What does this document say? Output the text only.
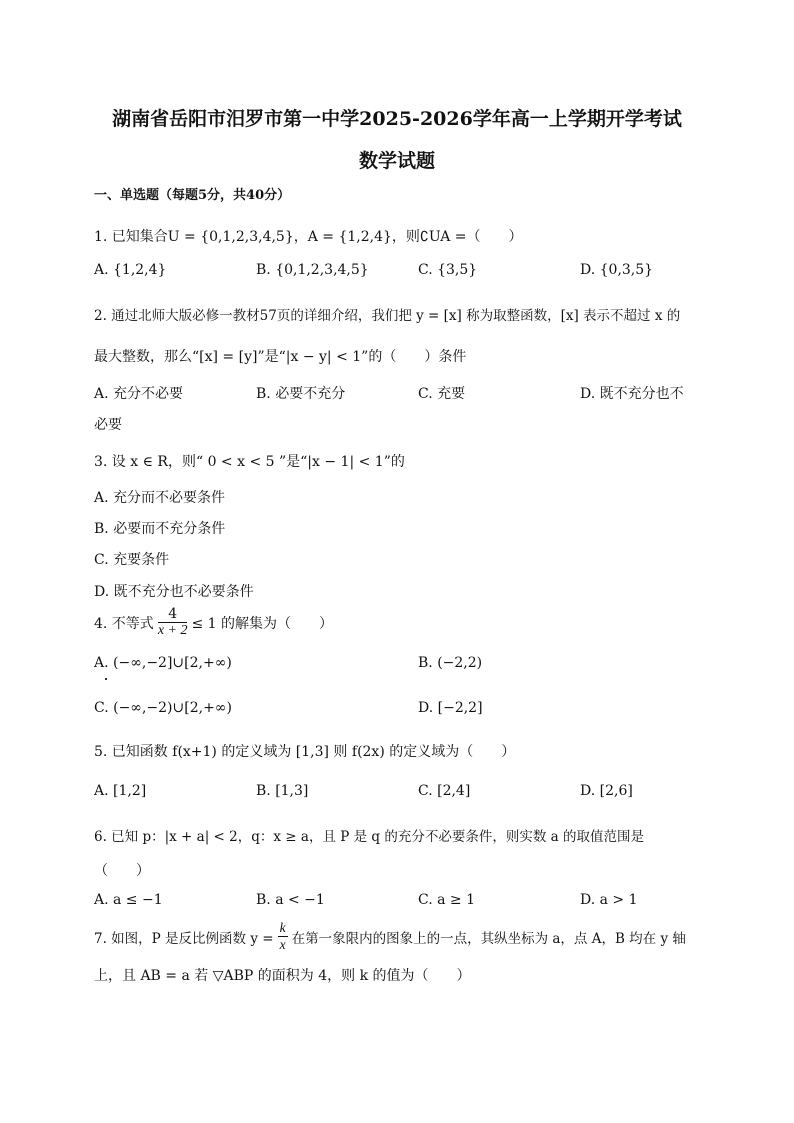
湖南省岳阳市汨罗市第一中学2025-2026学年高一上学期开学考试
数学试题
一、单选题（每题5分，共40分）
1. 已知集合U = {0,1,2,3,4,5}，A = {1,2,4}，则∁UA =（　　）
A. {1,2,4}	B. {0,1,2,3,4,5}	C. {3,5}	D. {0,3,5}
2. 通过北师大版必修一教材57页的详细介绍，我们把 y = [x] 称为取整函数，[x] 表示不超过 x 的
最大整数，那么“[x] = [y]”是“|x − y| < 1”的（　　）条件
A. 充分不必要	B. 必要不充分	C. 充要	D. 既不充分也不
必要
3. 设 x ∈ R，则“ 0 < x < 5 ”是“|x − 1| < 1”的
A. 充分而不必要条件
B. 必要而不充分条件
C. 充要条件
D. 既不充分也不必要条件
4. 不等式 $\frac{4}{x + 2} \le 1$ 的解集为（　　）
A. (−∞,−2]∪[2,+∞)	B. (−2,2)
C. (−∞,−2)∪[2,+∞)	D. [−2,2]
5. 已知函数 f(x+1) 的定义域为 [1,3] 则 f(2x) 的定义域为（　　）
A. [1,2]	B. [1,3]	C. [2,4]	D. [2,6]
6. 已知 p：|x + a| < 2，q：x ≥ a，且 P 是 q 的充分不必要条件，则实数 a 的取值范围是
（　　）
A. a ≤ −1	B. a < −1	C. a ≥ 1	D. a > 1
7. 如图，P 是反比例函数 $y = \frac{k}{x}$ 在第一象限内的图象上的一点，其纵坐标为 a，点 A，B 均在 y 轴
上，且 AB = a 若 ▽ABP 的面积为 4，则 k 的值为（　　）
